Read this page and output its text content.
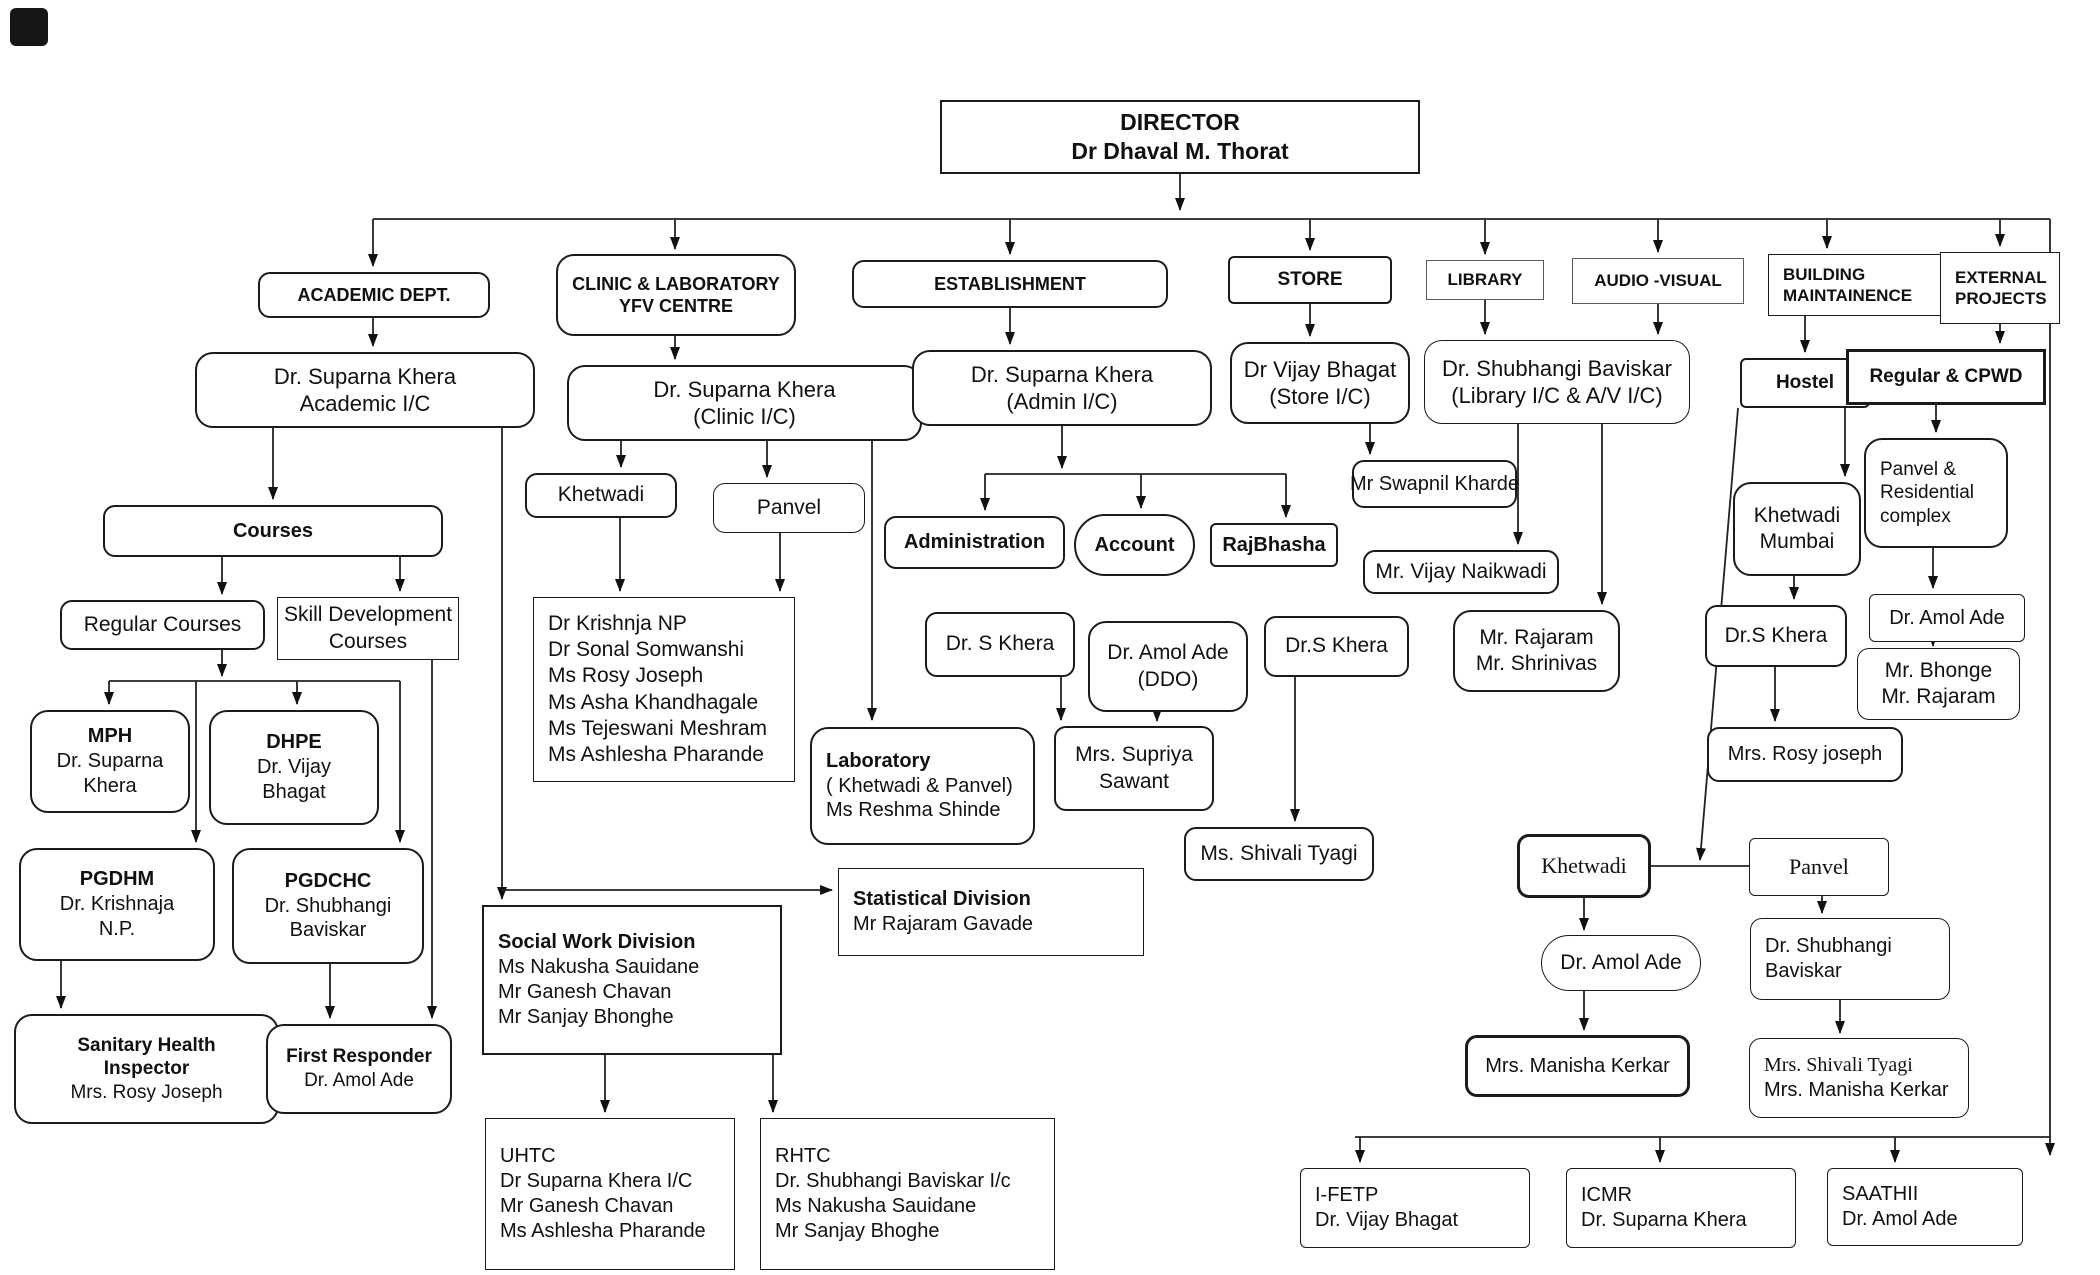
DIRECTOR
Dr Dhaval M. Thorat
ACADEMIC DEPT.
CLINIC & LABORATORY
YFV CENTRE
ESTABLISHMENT	STORE	LIBRARY	AUDIO -VISUAL	BUILDING
MAINTAINENCE
EXTERNAL
PROJECTS
Dr. Suparna Khera
Academic I/C
Dr. Suparna Khera
(Clinic I/C)
Dr. Suparna Khera
(Admin I/C)
Dr Vijay Bhagat
(Store I/C)
Dr. Shubhangi Baviskar
(Library I/C & A/V I/C)
Hostel Regular & CPWD
Courses
Regular Courses Skill Development
Courses
MPH
Dr. Suparna
Khera
DHPE
Dr. Vijay
Bhagat
PGDHM
Dr. Krishnaja
N.P.
PGDCHC
Dr. Shubhangi
Baviskar
Sanitary Health
Inspector
Mrs. Rosy Joseph
First Responder
Dr. Amol Ade
Khetwadi
Panvel
Dr Krishnja NP
Dr Sonal Somwanshi
Ms Rosy Joseph
Ms Asha Khandhagale
Ms Tejeswani Meshram
Ms Ashlesha Pharande	Laboratory
( Khetwadi & Panvel)
Ms Reshma Shinde
Administration Account RajBhasha
Dr. S Khera	Dr. Amol Ade
(DDO)
Dr.S Khera
Mrs. Supriya
Sawant
Ms. Shivali Tyagi
Statistical Division
Mr Rajaram Gavade
Social Work Division
Ms Nakusha Sauidane
Mr Ganesh Chavan
Mr Sanjay Bhonghe
UHTC
Dr Suparna Khera I/C
Mr Ganesh Chavan
Ms Ashlesha Pharande
RHTC
Dr. Shubhangi Baviskar I/c
Ms Nakusha Sauidane
Mr Sanjay Bhoghe
Mr Swapnil Kharde
Mr. Vijay Naikwadi
Mr. Rajaram
Mr. Shrinivas
Khetwadi
Mumbai
Dr.S Khera
Mrs. Rosy joseph
Panvel &
Residential
complex
Dr. Amol Ade
Mr. Bhonge
Mr. Rajaram
Khetwadi	Panvel
Dr. Amol Ade
Mrs. Manisha Kerkar
Dr. Shubhangi
Baviskar
Mrs. Shivali Tyagi
Mrs. Manisha Kerkar
I-FETP
Dr. Vijay Bhagat
ICMR
Dr. Suparna Khera
SAATHII
Dr. Amol Ade
